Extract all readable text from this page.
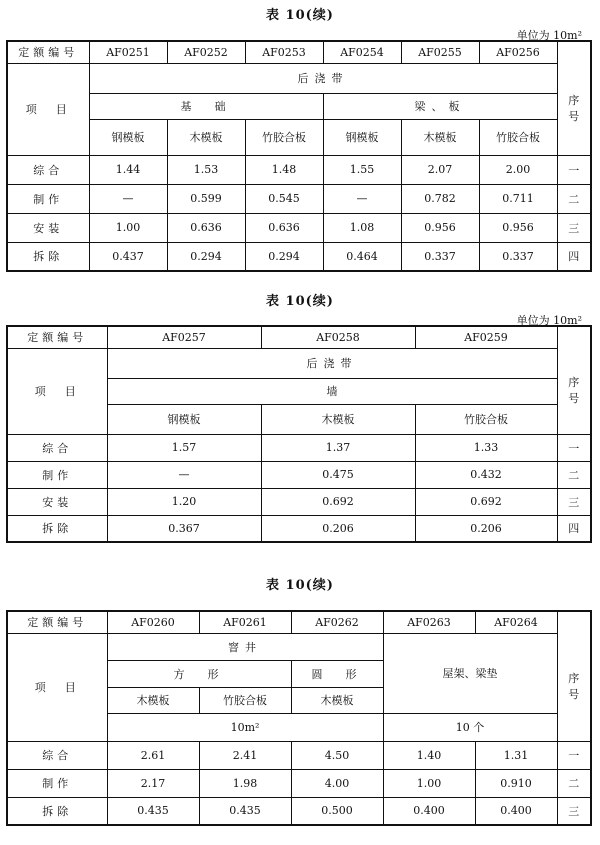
表 10(续)
单位为 10m²
定额编号	AF0251	AF0252	AF0253	AF0254	AF0255	AF0256	
项　目	后浇带						序号
	基　础			梁、板			
	钢模板	木模板	竹胶合板	钢模板	木模板	竹胶合板	
综合	1.44	1.53	1.48	1.55	2.07	2.00	一
制作	—	0.599	0.545	—	0.782	0.711	二
安装	1.00	0.636	0.636	1.08	0.956	0.956	三
拆除	0.437	0.294	0.294	0.464	0.337	0.337	四
表 10(续)
单位为 10m²
定额编号	AF0257	AF0258	AF0259	
项　目	后浇带			序号
	墙			
	钢模板	木模板	竹胶合板	
综合	1.57	1.37	1.33	一
制作	—	0.475	0.432	二
安装	1.20	0.692	0.692	三
拆除	0.367	0.206	0.206	四
表 10(续)
定额编号	AF0260	AF0261	AF0262	AF0263	AF0264	
项　目	窨井			屋架、梁垫		序号
	方　形		圆　形			
	木模板	竹胶合板	木模板			
	10m²			10 个		
综合	2.61	2.41	4.50	1.40	1.31	一
制作	2.17	1.98	4.00	1.00	0.910	二
拆除	0.435	0.435	0.500	0.400	0.400	三
